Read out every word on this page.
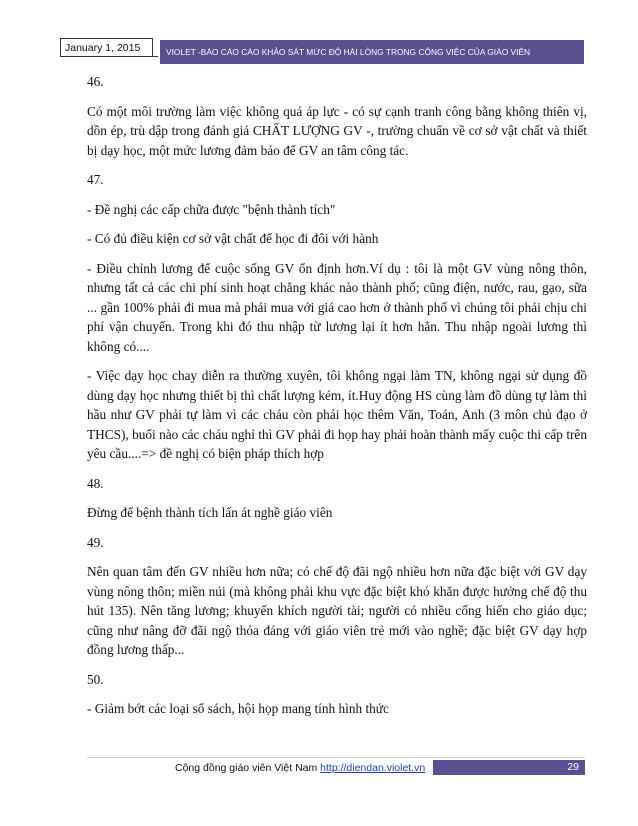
January 1, 2015	VIOLET -BÁO CÁO CÁO KHẢO SÁT MỨC ĐỘ HÀI LÒNG TRONG CÔNG VIỆC CỦA GIÁO VIÊN

46.

Có một môi trường làm việc không quá áp lực - có sự cạnh tranh công bằng không thiên vị, dồn ép, trù dập trong đánh giá CHẤT LƯỢNG GV -, trường chuẩn về cơ sở vật chất và thiết bị dạy học, một mức lương đảm bảo để GV an tâm công tác.

47.

- Đề nghị các cấp chữa được "bệnh thành tích"

- Có đủ điều kiện cơ sở vật chất để học đi đôi với hành

- Điều chỉnh lương để cuộc sống GV ổn định hơn.Ví dụ : tôi là một GV vùng nông thôn, nhưng tất cả các chi phí sinh hoạt chẳng khác nào thành phố; cũng điện, nước, rau, gạo, sữa ... gần 100% phải đi mua mà phải mua với giá cao hơn ở thành phố vì chúng tôi phải chịu chi phí vận chuyển. Trong khi đó thu nhập từ lương lại ít hơn hẳn. Thu nhập ngoài lương thì không có....

- Việc dạy học chay diễn ra thường xuyên, tôi không ngại làm TN, không ngại sử dụng đồ dùng dạy học nhưng thiết bị thì chất lượng kém, ít.Huy động HS cùng làm đồ dùng tự làm thì hầu như GV phải tự làm vì các cháu còn phải học thêm Văn, Toán, Anh (3 môn chủ đạo ở THCS), buổi nào các cháu nghỉ thì GV phải đi họp hay phải hoàn thành mấy cuộc thi cấp trên yêu cầu....=> đề nghị có biện pháp thích hợp

48.

Đừng để bệnh thành tích lấn át nghề giáo viên

49.

Nên quan tâm đến GV nhiều hơn nữa; có chế độ đãi ngộ nhiều hơn nữa đặc biệt với GV dạy vùng nông thôn; miền núi (mà không phải khu vực đặc biệt khó khăn được hưởng chế độ thu hút 135). Nên tăng lương; khuyến khích người tài; người có nhiều cống hiến cho giáo dục; cũng như nâng đỡ đãi ngộ thỏa đáng với giáo viên trẻ mới vào nghề; đặc biệt GV dạy hợp đồng lương thấp...

50.

- Giảm bớt các loại sổ sách, hội họp mang tính hình thức

Cộng đồng giáo viên Việt Nam http://diendan.violet.vn	29
